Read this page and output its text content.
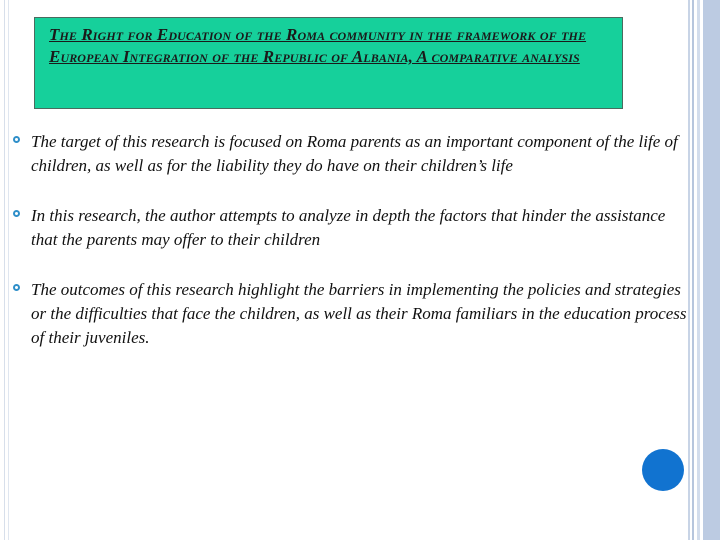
The Right for Education of the Roma community in the framework of the European Integration of the Republic of Albania, A comparative analysis

The target of this research is focused on Roma parents as an important component of the life of children, as well as for the liability they do have on their children’s life
In this research, the author attempts to analyze in depth the factors that hinder the assistance that the parents may offer to their children
The outcomes of this research highlight the barriers in implementing the policies and strategies or the difficulties that face the children, as well as their Roma familiars in the education process of their juveniles.
